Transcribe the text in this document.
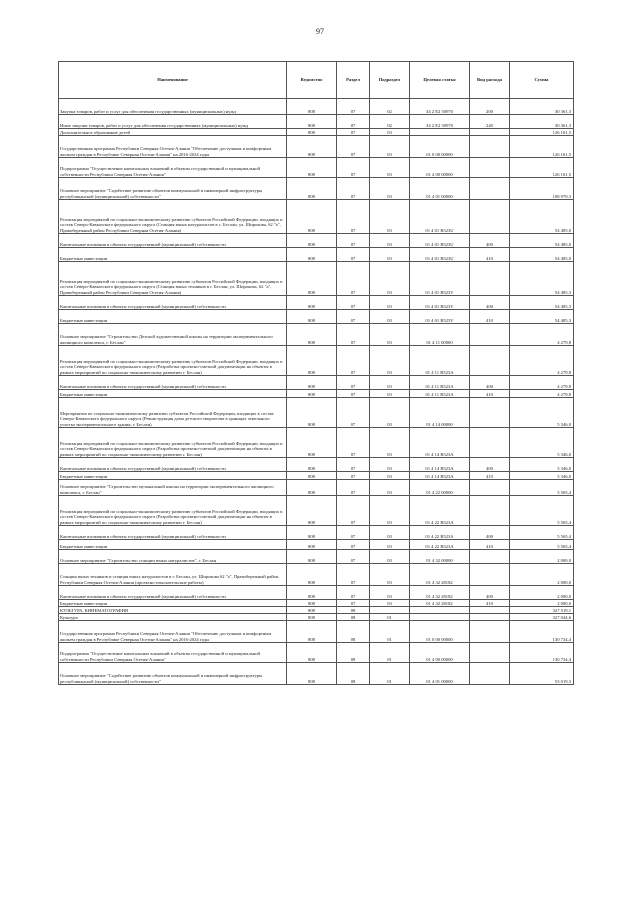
97
Наименование	Ведомство	Раздел	Подраздел	Целевая статья	Вид расхода	Сумма
Закупка товаров, работ и услуг для обеспечения государственных (муниципальных) нужд	808	07	02	34 2 Е2 50970	200	30 361,3
Иные закупки товаров, работ и услуг для обеспечения государственных (муниципальных) нужд	808	07	02	34 2 Е2 50970	240	30 361,3
Дополнительное образование детей	808	07	03			126 161,5
Государственная программа Республики Северная Осетия-Алания "Обеспечение доступным и комфортным жильем граждан в Республике Северная Осетия-Алания" на 2016-2024 годы	808	07	03	01 0 00 00000		126 161,5
Подпрограмма "Осуществление капитальных вложений в объекты государственной и муниципальной собственности Республики Северная Осетия-Алания"	808	07	03	01 4 00 00000		126 161,5
Основное мероприятие "Содействие развитию объектов коммунальной и инженерной инфраструктуры республиканской (муниципальной) собственности"	808	07	03	01 4 01 00000		108 970,3
Реализация мероприятий по социально-экономическому развитию субъектов Российской Федерации, входящих в состав Северо-Кавказского федерального округа (Станция юных натуралистов в с. Беслан, ул. Широкова, 62 "а", Правобережный район Республики Северная Осетия-Алания)	808	07	03	01 4 01 R523U		54 485,0
Капитальные вложения в объекты государственной (муниципальной) собственности	808	07	03	01 4 01 R523U	400	54 485,0
Бюджетные инвестиции	808	07	03	01 4 01 R523U	410	54 485,0
Реализация мероприятий по социально-экономическому развитию субъектов Российской Федерации, входящих в состав Северо-Кавказского федерального округа (Станция юных техников в г. Беслан, ул. Широкова, 62 "а", Правобережный район Республики Северная Осетия-Алания)	808	07	03	01 4 01 R523V		54 485,3
Капитальные вложения в объекты государственной (муниципальной) собственности	808	07	03	01 4 01 R523V	400	54 485,3
Бюджетные инвестиции	808	07	03	01 4 01 R523V	410	54 485,3
Основное мероприятие "Строительство Детской художественной школы на территории экспериментального жилищного комплекса, г. Беслан"	808	07	03	01 4 11 00000		4 279,8
Реализация мероприятий по социально-экономическому развитию субъектов Российской Федерации, входящих в состав Северо-Кавказского федерального округа (Разработка проектно-сметной документации на объекты в рамках мероприятий по социально-экономическому развитию г. Беслан)	808	07	03	01 4 11 R523A		4 279,8
Капитальные вложения в объекты государственной (муниципальной) собственности	808	07	03	01 4 11 R523A	400	4 279,8
Бюджетные инвестиции	808	07	03	01 4 11 R523A	410	4 279,8
Мероприятия по социально-экономическому развитию субъектов Российской Федерации, входящих в состав Северо-Кавказского федерального округа (Реконструкция дома детского творчества в границах земельного участка экспериментального здания, г. Беслан)	808	07	03	01 4 14 00000		5 346,0
Реализация мероприятий по социально-экономическому развитию субъектов Российской Федерации, входящих в состав Северо-Кавказского федерального округа (Разработка проектно-сметной документации на объекты в рамках мероприятий по социально-экономическому развитию г. Беслан)	808	07	03	01 4 14 R523A		5 346,0
Капитальные вложения в объекты государственной (муниципальной) собственности	808	07	03	01 4 14 R523A	400	5 346,0
Бюджетные инвестиции	808	07	03	01 4 14 R523A	410	5 346,0
Основное мероприятие "Строительство музыкальной школы на территории экспериментального жилищного комплекса, г. Беслан"	808	07	03	01 4 22 00000		5 565,4
Реализация мероприятий по социально-экономическому развитию субъектов Российской Федерации, входящих в состав Северо-Кавказского федерального округа (Разработка проектно-сметной документации на объекты в рамках мероприятий по социально-экономическому развитию г. Беслан)	808	07	03	01 4 22 R523A		5 565,4
Капитальные вложения в объекты государственной (муниципальной) собственности	808	07	03	01 4 22 R523A	400	5 565,4
Бюджетные инвестиции	808	07	03	01 4 22 R523A	410	5 565,4
Основное мероприятие "Строительство станции юных натуралистов", г. Беслан	808	07	03	01 4 32 00000		2 000,0
Станция юных техников и станция юных натуралистов в г. Беслан, ул. Широкова 62 "а", Правобережный район Республики Северная Осетия-Алания (проектно-изыскательские работы)	808	07	03	01 4 32 28182		2 000,0
Капитальные вложения в объекты государственной (муниципальной) собственности	808	07	03	01 4 32 28182	400	2 000,0
Бюджетные инвестиции	808	07	03	01 4 32 28182	410	2 000,0
КУЛЬТУРА, КИНЕМАТОГРАФИЯ	808	08				327 519,1
Культура	808	08	01			327 044,6
Государственная программа Республики Северная Осетия-Алания "Обеспечение доступным и комфортным жильем граждан в Республике Северная Осетия-Алания" на 2016-2024 годы	808	08	01	01 0 00 00000		130 734,4
Подпрограмма "Осуществление капитальных вложений в объекты государственной и муниципальной собственности Республики Северная Осетия-Алания"	808	08	01	01 4 00 00000		130 734,4
Основное мероприятие "Содействие развитию объектов коммунальной и инженерной инфраструктуры республиканской (муниципальной) собственности"	808	08	01	01 4 01 00000		53 019,3
